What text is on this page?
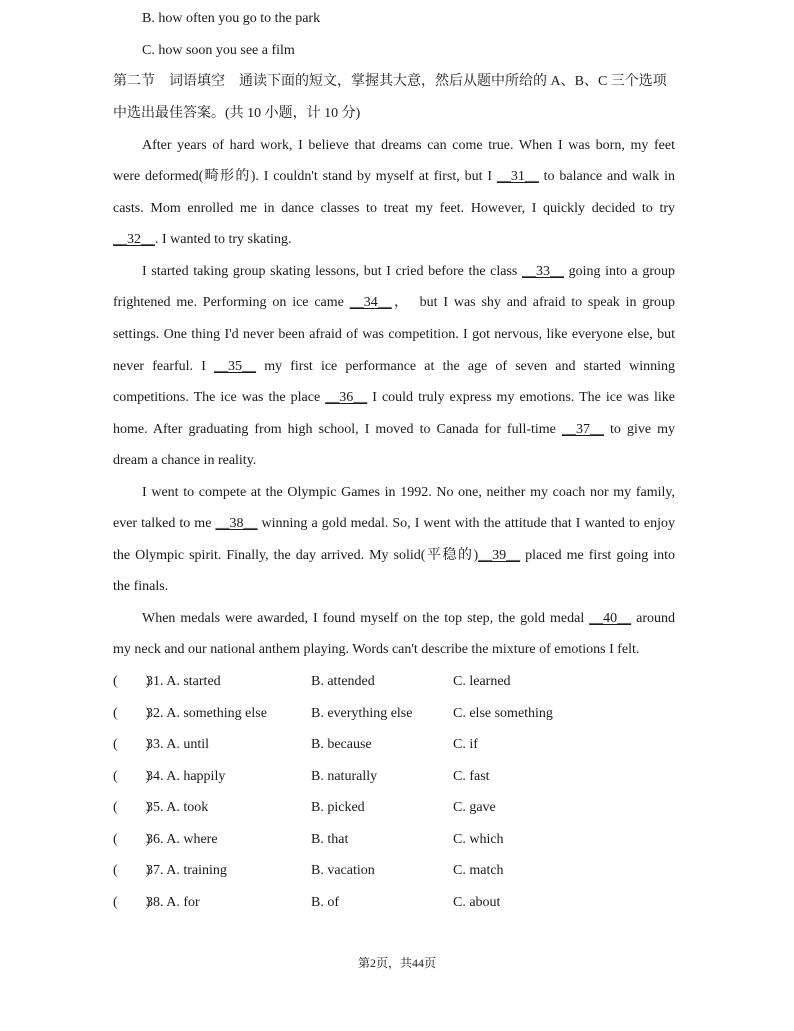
B. how often you go to the park
C. how soon you see a film
第二节　词语填空　通读下面的短文，掌握其大意，然后从题中所给的 A、B、C 三个选项
中选出最佳答案。(共 10 小题，计 10 分)
After years of hard work, I believe that dreams can come true. When I was born, my feet
were deformed(畸形的). I couldn't stand by myself at first, but I __31__ to balance and walk in
casts. Mom enrolled me in dance classes to treat my feet. However, I quickly decided to try
__32__. I wanted to try skating.
I started taking group skating lessons, but I cried before the class __33__ going into a group
frightened me. Performing on ice came __34__，　but I was shy and afraid to speak in group
settings. One thing I'd never been afraid of was competition. I got nervous, like everyone else, but
never fearful. I __35__ my first ice performance at the age of seven and started winning
competitions. The ice was the place __36__ I could truly express my emotions. The ice was like
home. After graduating from high school, I moved to Canada for full-time __37__ to give my
dream a chance in reality.
I went to compete at the Olympic Games in 1992. No one, neither my coach nor my family,
ever talked to me __38__ winning a gold medal. So, I went with the attitude that I wanted to enjoy
the Olympic spirit. Finally, the day arrived. My solid(平稳的)__39__ placed me first going into
the finals.
When medals were awarded, I found myself on the top step, the gold medal __40__ around
my neck and our national anthem playing. Words can't describe the mixture of emotions I felt.
(　　)
31. A. started	B. attended	C. learned
(　　)
32. A. something else	B. everything else	C. else something
(　　)
33. A. until	B. because	C. if
(　　)
34. A. happily	B. naturally	C. fast
(　　)
35. A. took	B. picked	C. gave
(　　)
36. A. where	B. that	C. which
(　　)
37. A. training	B. vacation	C. match
(　　)
38. A. for	B. of	C. about
第2页，共44页
